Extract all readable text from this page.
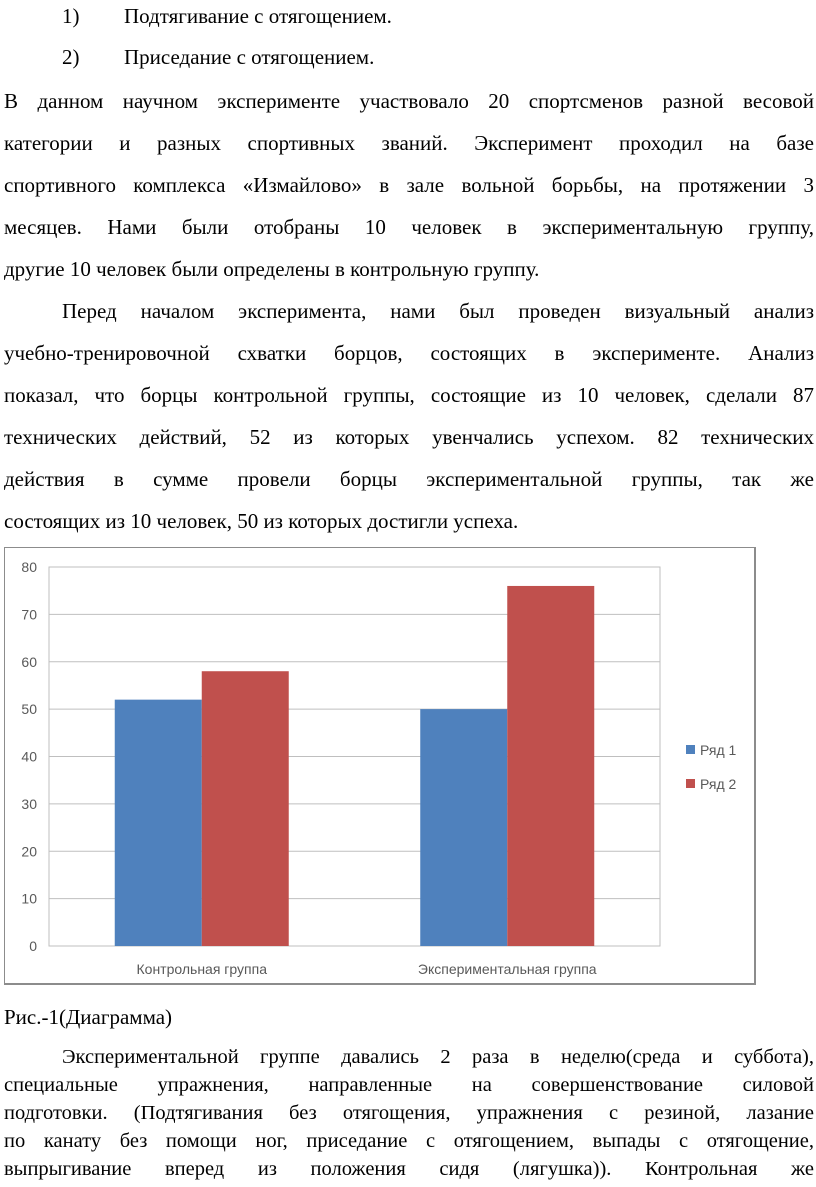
1) Подтягивание с отягощением.
2) Приседание с отягощением.
В данном научном эксперименте участвовало 20 спортсменов разной весовой
категории и разных спортивных званий. Эксперимент проходил на базе
спортивного комплекса «Измайлово» в зале вольной борьбы, на протяжении 3
месяцев. Нами были отобраны 10 человек в экспериментальную группу,
другие 10 человек были определены в контрольную группу.
Перед началом эксперимента, нами был проведен визуальный анализ
учебно-тренировочной схватки борцов, состоящих в эксперименте. Анализ
показал, что борцы контрольной группы, состоящие из 10 человек, сделали 87
технических действий, 52 из которых увенчались успехом. 82 технических
действия в сумме провели борцы экспериментальной группы, так же
состоящих из 10 человек, 50 из которых достигли успеха.
0
10
20
30
40
50
60
70
80
Контрольная группа	Экспериментальная группа
Ряд 1
Ряд 2
Рис.-1(Диаграмма)
Экспериментальной группе давались 2 раза в неделю(среда и суббота),
специальные упражнения, направленные на совершенствование силовой
подготовки. (Подтягивания без отягощения, упражнения с резиной, лазание
по канату без помощи ног, приседание с отягощением, выпады с отягощение,
выпрыгивание вперед из положения сидя (лягушка)). Контрольная же
